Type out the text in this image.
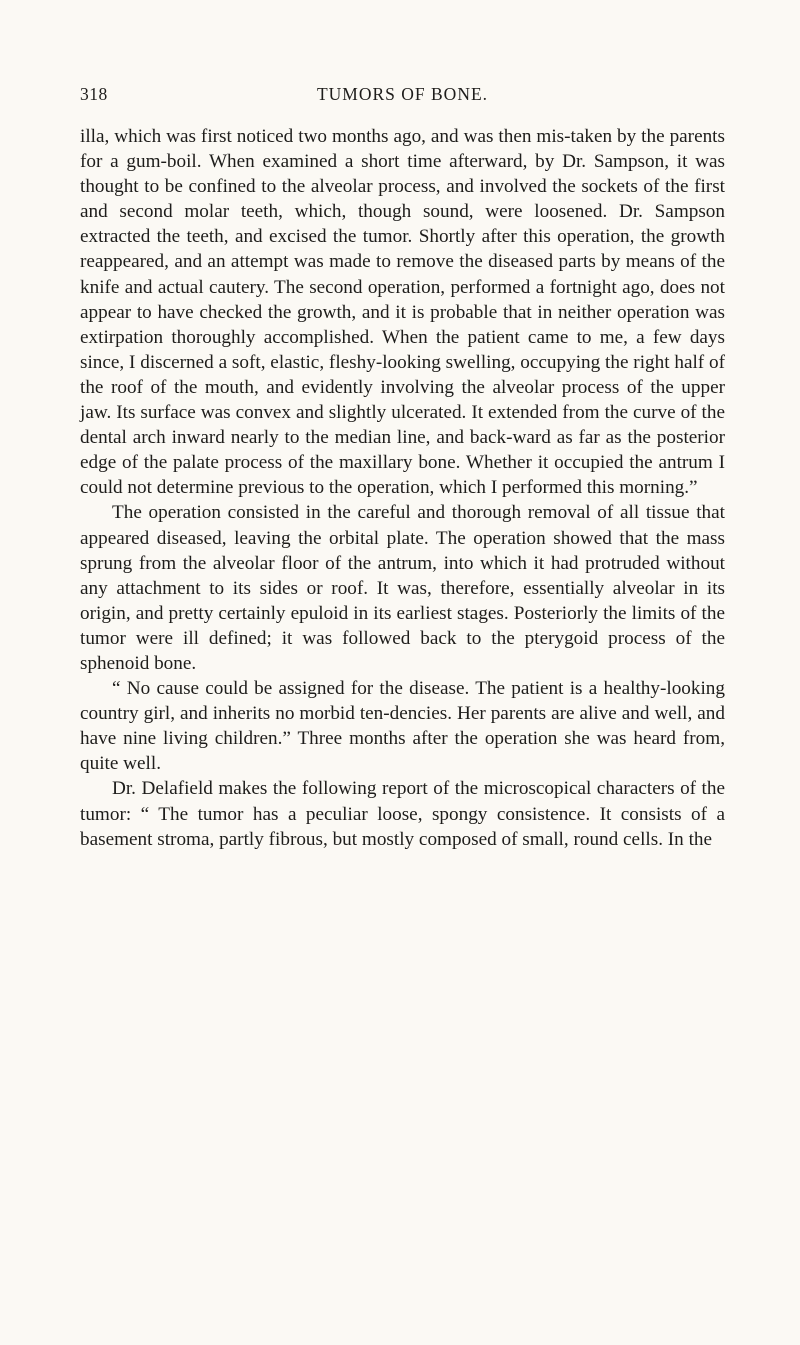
318	TUMORS OF BONE.

illa, which was first noticed two months ago, and was then mis-taken by the parents for a gum-boil. When examined a short time afterward, by Dr. Sampson, it was thought to be confined to the alveolar process, and involved the sockets of the first and second molar teeth, which, though sound, were loosened. Dr. Sampson extracted the teeth, and excised the tumor. Shortly after this operation, the growth reappeared, and an attempt was made to remove the diseased parts by means of the knife and actual cautery. The second operation, performed a fortnight ago, does not appear to have checked the growth, and it is probable that in neither operation was extirpation thoroughly accomplished. When the patient came to me, a few days since, I discerned a soft, elastic, fleshy-looking swelling, occupying the right half of the roof of the mouth, and evidently involving the alveolar process of the upper jaw. Its surface was convex and slightly ulcerated. It extended from the curve of the dental arch inward nearly to the median line, and back-ward as far as the posterior edge of the palate process of the maxillary bone. Whether it occupied the antrum I could not determine previous to the operation, which I performed this morning.”

The operation consisted in the careful and thorough removal of all tissue that appeared diseased, leaving the orbital plate. The operation showed that the mass sprung from the alveolar floor of the antrum, into which it had protruded without any attachment to its sides or roof. It was, therefore, essentially alveolar in its origin, and pretty certainly epuloid in its earliest stages. Posteriorly the limits of the tumor were ill defined; it was followed back to the pterygoid process of the sphenoid bone.

“ No cause could be assigned for the disease. The patient is a healthy-looking country girl, and inherits no morbid ten-dencies. Her parents are alive and well, and have nine living children.” Three months after the operation she was heard from, quite well.

Dr. Delafield makes the following report of the microscopical characters of the tumor: “ The tumor has a peculiar loose, spongy consistence. It consists of a basement stroma, partly fibrous, but mostly composed of small, round cells. In the
